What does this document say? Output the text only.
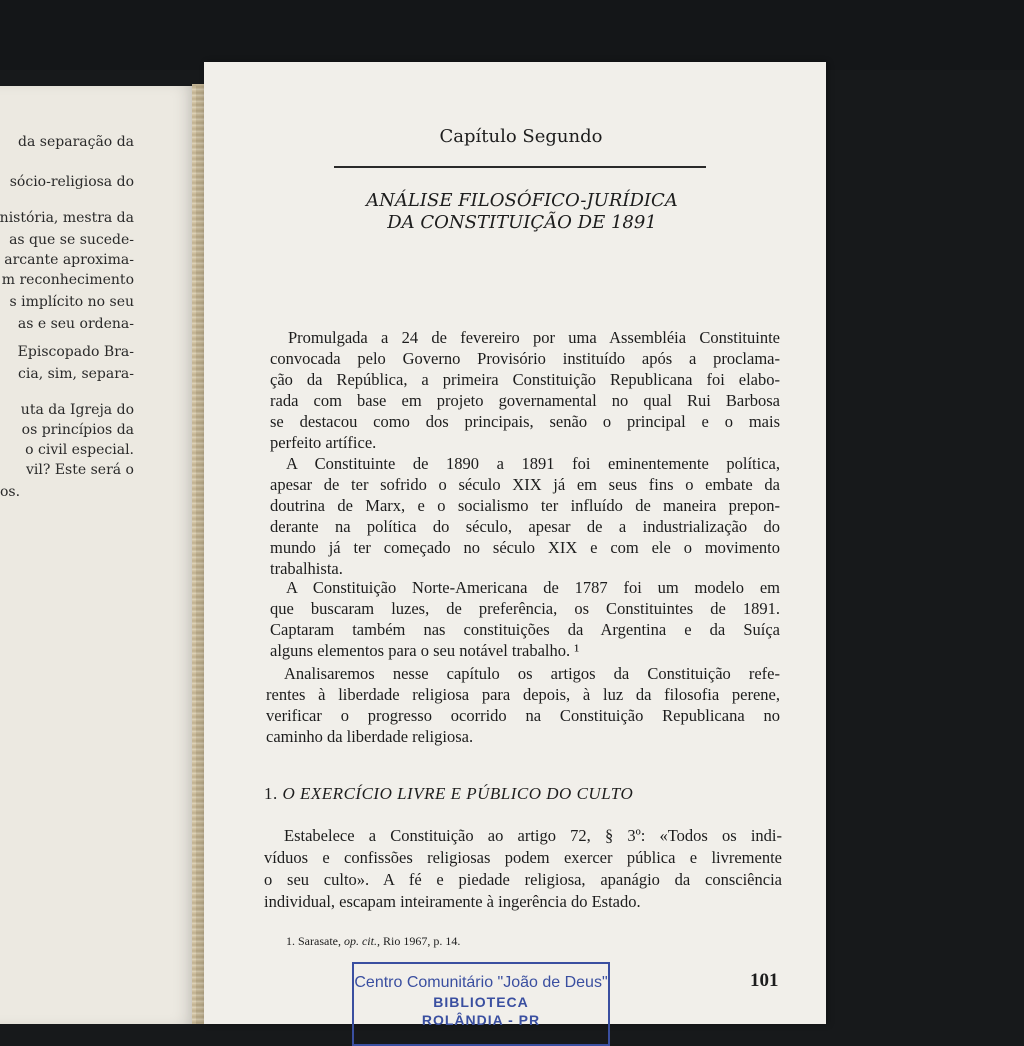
da separação da
sócio-religiosa do
nistória, mestra da
as que se sucede-
arcante aproxima-
m reconhecimento
s implícito no seu
as e seu ordena-
Episcopado Bra-
cia, sim, separa-
uta da Igreja do
os princípios da
o civil especial.
vil? Este será o
os.
Capítulo Segundo
ANÁLISE FILOSÓFICO-JURÍDICA
DA CONSTITUIÇÃO DE 1891
Promulgada a 24 de fevereiro por uma Assembléia Constituinte
convocada pelo Governo Provisório instituído após a proclama-
ção da República, a primeira Constituição Republicana foi elabo-
rada com base em projeto governamental no qual Rui Barbosa
se destacou como dos principais, senão o principal e o mais
perfeito artífice.
A Constituinte de 1890 a 1891 foi eminentemente política,
apesar de ter sofrido o século XIX já em seus fins o embate da
doutrina de Marx, e o socialismo ter influído de maneira prepon-
derante na política do século, apesar de a industrialização do
mundo já ter começado no século XIX e com ele o movimento
trabalhista.
A Constituição Norte-Americana de 1787 foi um modelo em
que buscaram luzes, de preferência, os Constituintes de 1891.
Captaram também nas constituições da Argentina e da Suíça
alguns elementos para o seu notável trabalho. ¹
Analisaremos nesse capítulo os artigos da Constituição refe-
rentes à liberdade religiosa para depois, à luz da filosofia perene,
verificar o progresso ocorrido na Constituição Republicana no
caminho da liberdade religiosa.
1. O EXERCÍCIO LIVRE E PÚBLICO DO CULTO
Estabelece a Constituição ao artigo 72, § 3º: «Todos os indi-
víduos e confissões religiosas podem exercer pública e livremente
o seu culto». A fé e piedade religiosa, apanágio da consciência
individual, escapam inteiramente à ingerência do Estado.
1. Sarasate, op. cit., Rio 1967, p. 14.
Centro Comunitário "João de Deus"
BIBLIOTECA
ROLÂNDIA - PR
101
